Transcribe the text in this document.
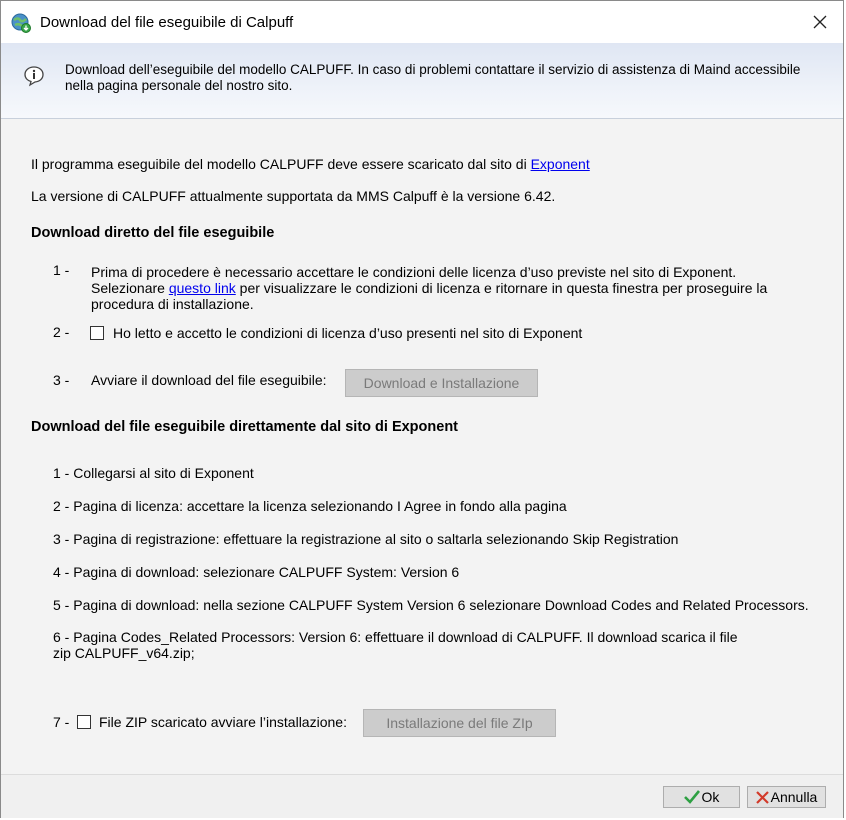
Download del file eseguibile di Calpuff
Download dell’eseguibile del modello CALPUFF. In caso di problemi contattare il servizio di assistenza di Maind accessibile nella pagina personale del nostro sito.
Il programma eseguibile del modello CALPUFF deve essere scaricato dal sito di Exponent
La versione di CALPUFF attualmente supportata da MMS Calpuff è la versione 6.42.
Download diretto del file eseguibile
1 - Prima di procedere è necessario accettare le condizioni delle licenza d’uso previste nel sito di Exponent. Selezionare questo link per visualizzare le condizioni di licenza e ritornare in questa finestra per proseguire la procedura di installazione.
2 -	Ho letto e accetto le condizioni di licenza d’uso presenti nel sito di Exponent
3 - Avviare il download del file eseguibile:	Download e Installazione
Download del file eseguibile direttamente dal sito di Exponent
1 - Collegarsi al sito di Exponent
2 - Pagina di licenza: accettare la licenza selezionando I Agree in fondo alla pagina
3 - Pagina di registrazione: effettuare la registrazione al sito o saltarla selezionando Skip Registration
4 - Pagina di download: selezionare CALPUFF System: Version 6
5 - Pagina di download: nella sezione CALPUFF System Version 6 selezionare Download Codes and Related Processors.
6 - Pagina Codes_Related Processors: Version 6: effettuare il download di CALPUFF. Il download scarica il file zip CALPUFF_v64.zip;
7 - File ZIP scaricato avviare l’installazione:	Installazione del file ZIp
Ok	Annulla
